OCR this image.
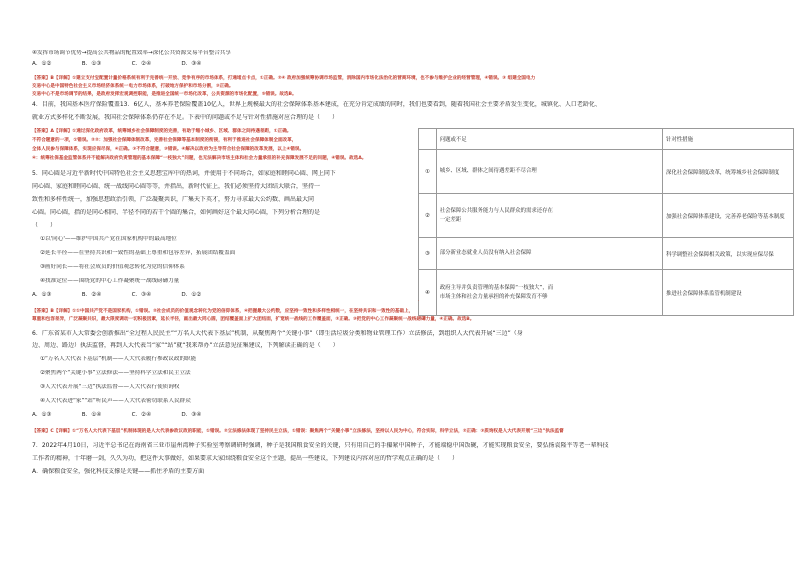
④发挥市场调节优势→提高公共物品的配置效率→深化公共资源交易平台整合共享
A．①②	B．①③	C．②④	D．③④
【答案】B【详解】①建立支付宝配置计量价格系统有利于完善统一开放、竞争有序的市场体系，打通堵点卡点，①正确。②④ 政府加强统筹协调市场监管，消除国内市场化法治化的营商环境，也不参与维护企业的经营管理，④错误。③ 组建全国电力
交易中心是中国特色社会主义市场经济体系统一电力市场体系，打破地方保护和市场分割，③正确。
交易中心不是市场调节的结果，是政府发挥宏观调控职能，是推进全国统一市场化改革，公共资源的市场化配置，⑤错误。故选B。
4．目前，我国基本医疗保险覆盖13．6亿人，基本养老保险覆盖10亿人，世界上规模最大的社会保障体系基本建成，在充分肯定成绩的同时，我们也要看到，随着我国社会主要矛盾发生变化，城镇化、人口老龄化、
就业方式多样化不断发展，我国社会保障体系仍存在不足。下表中的问题或不足与针对性措施对应合理的是（　　）
【答案】A【详解】①通过深化政府改革，统筹城乡社会保障制度的完善，有助于缩小城乡、区域、群体之间待遇差距，①正确。
不符合题意的一项，①错误。②②：加强社会保障体制改革，完善社会保障等基本制度的衔接，有利于推进社会保障体制全面改革，
全体人民参与保障体系，实现应保尽保，④正确。③不符合题意，③错误。④解决以政府为主导符合社会保障的改革发展，以上④错误。
④：统筹社保基金监管体系并不能解决政府负责管理的基本保障“一枝独大”问题，也无法解决市场主体和社会力量承担的补充保障发展不足的问题，④错误。故选A。
5．同心圆是习近平新时代中国特色社会主义思想宝库中的热词，并使用于不同场合，如家庭和睦同心圆、网上同下
同心圆、家庭和睦同心圆、统一战线同心圆等等，并指出，新时代征上，我们必须坚持大团结大联合，坚持一
致性和多样性统一，加强思想政治引领，广泛凝聚共识，广集天下英才，努力寻求最大公约数、画出最大同
心圆。同心圆，指的是同心相同、半径不同的若干个圆的集合，如何画好这个最大同心圆，下列分析合理的是
（　　）
①以'同心'——维护中国共产党在国家机构中的最高地位
②延长半径——在坚持共识和一致性的基础上尊重和包容差异，拓展团结覆盖面
③画好同长——将社会成员的价值观念转化为党的信仰体系
④找准定位——围绕党的中心工作凝聚统一战线磅礴力量
A．①③	B．②④	C．③④	D．①②
【答案】B【详解】①①中国共产党不是国家机构，①错误。②社会成员的价值观念转化为党的信仰体系，④把握最大公约数，应坚持一致性和多样性相统一，在坚持共识和一致性的基础上，
尊重和包容差异，广泛凝聚共识，最大限度调动一切积极因素，延长半径，画出最大同心圆，团结覆盖面上扩大团结面，扩宽统一战线的工作覆盖面，②正确。③把党的中心工作凝聚统一战线磅礴力量，④正确。故选B。
6．广东省某市人大常委会创新推出“全过程人民民主”“万名人大代表下基层”机制，从聚焦两个“关键小事”（即生活垃圾分类和物业管理工作）立法修法，到组织人大代表开展“三边”（身
边、周边、路边）执法监督，再到人大代表当“家”“站”就“我来帮办”立法意见征集建议，下列解读正确的是（　　）
①“万名人大代表下基层”机制——人大代表履行参政议政的职能
②聚焦两个“关键小事”立法修法——坚持科学立法和民主立法
③人大代表开展“三边”执法监督——人大代表行使质询权
④人大代表进“家”“站”听民声——人大代表密切联系人民群众
A．①③	B．①④	C．②④	D．③④
【答案】C【详解】①“万名人大代表下基层”机制体现的是人大代表参政议政的职能，①错误。②立法修法体现了坚持民主立法，①错误：聚焦两个“关键小事”立法修法，坚持以人民为中心，符合实际，科学立法，②正确：③质询权是人大代表开展“三边”执法监督
7．2022年4月10日，习近平总书记在海南省三亚市崖州湾种子实验室考察调研时强调，种子是我国粮食安全的关键，只有用自己的手攥紧中国种子，才能端稳中国饭碗，才能实现粮食安全，要弘扬袁隆平等老一辈科技
工作者的精神，十年磨一剑，久久为功，把这件大事做好，如果要求大家围绕粮食安全这个主题，提出一些建议，下列建议内容对应的哲学观点正确的是（　　）
A．确保粮食安全，强化科技支撑是关键——抓住矛盾的主要方面
	问题或不足	针对性措施
①	城乡、区域、群体之间待遇差距不尽合理	深化社会保障制度改革，统筹城乡社会保障制度
②	社会保障公共服务能力与人民群众的需求还存在
一定差距	加强社会保障体系建设，完善养老保险等基本制度
③	部分新业态就业人员没有纳入社会保障	科学调整社会保障相关政策，以实现应保尽保
④	政府主导并负责管理的基本保障“一枝独大”，而
市场主体和社会力量承担的补充保障发育不够	推进社会保障体系监管机制建设
